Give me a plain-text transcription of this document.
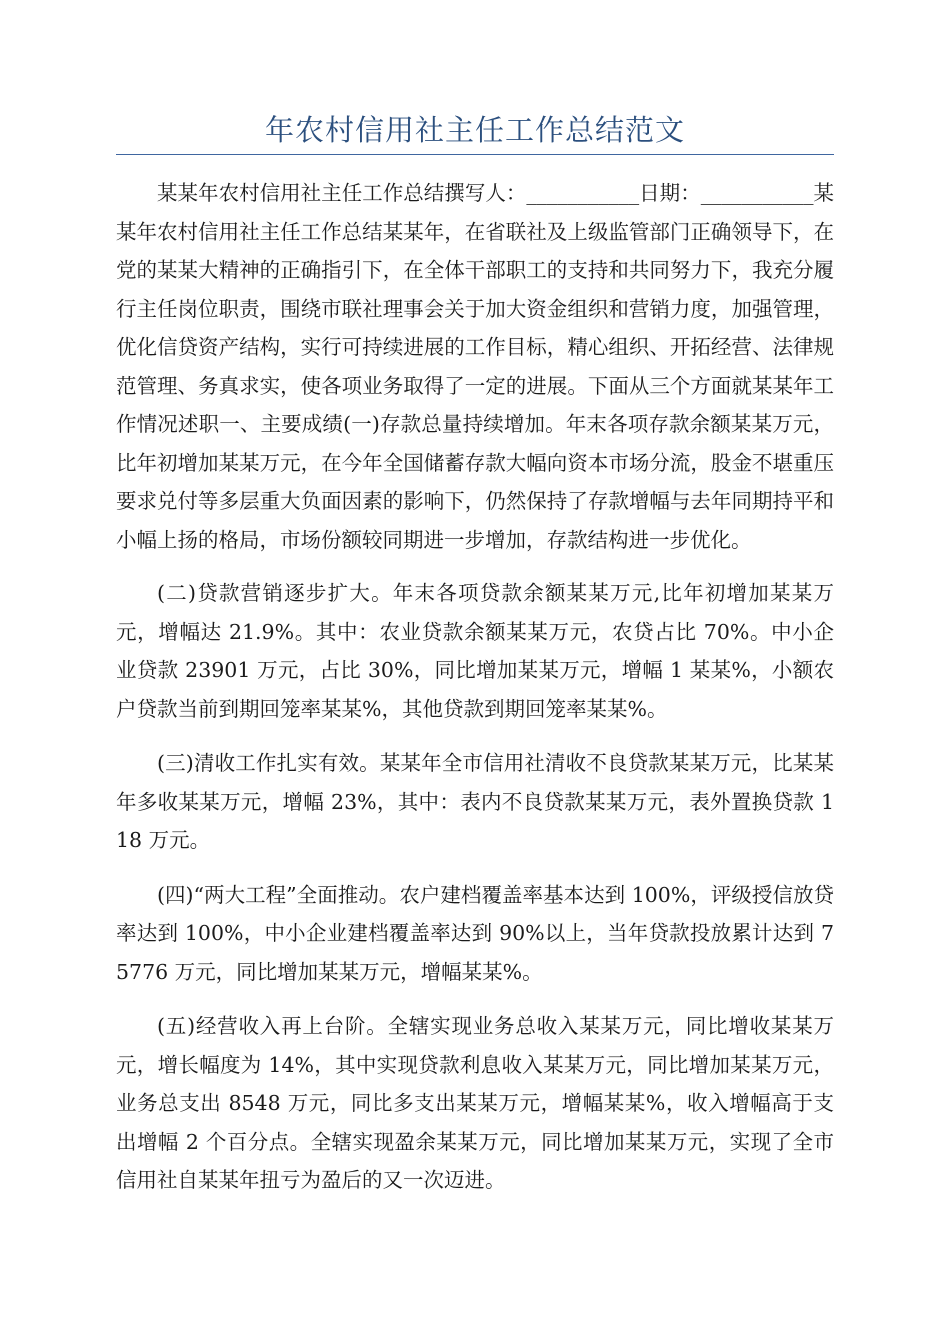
年农村信用社主任工作总结范文

某某年农村信用社主任工作总结撰写人：___________日期：___________某某年农村信用社主任工作总结某某年，在省联社及上级监管部门正确领导下，在党的某某大精神的正确指引下，在全体干部职工的支持和共同努力下，我充分履行主任岗位职责，围绕市联社理事会关于加大资金组织和营销力度，加强管理，优化信贷资产结构，实行可持续进展的工作目标，精心组织、开拓经营、法律规范管理、务真求实，使各项业务取得了一定的进展。下面从三个方面就某某年工作情况述职一、主要成绩(一)存款总量持续增加。年末各项存款余额某某万元，比年初增加某某万元，在今年全国储蓄存款大幅向资本市场分流，股金不堪重压要求兑付等多层重大负面因素的影响下，仍然保持了存款增幅与去年同期持平和小幅上扬的格局，市场份额较同期进一步增加，存款结构进一步优化。

(二)贷款营销逐步扩大。年末各项贷款余额某某万元,比年初增加某某万元，增幅达 21.9%。其中：农业贷款余额某某万元，农贷占比 70%。中小企业贷款 23901 万元，占比 30%，同比增加某某万元，增幅 1 某某%，小额农户贷款当前到期回笼率某某%，其他贷款到期回笼率某某%。

(三)清收工作扎实有效。某某年全市信用社清收不良贷款某某万元，比某某年多收某某万元，增幅 23%，其中：表内不良贷款某某万元，表外置换贷款 118 万元。

(四)“两大工程”全面推动。农户建档覆盖率基本达到 100%，评级授信放贷率达到 100%，中小企业建档覆盖率达到 90%以上，当年贷款投放累计达到 75776 万元，同比增加某某万元，增幅某某%。

(五)经营收入再上台阶。全辖实现业务总收入某某万元，同比增收某某万元，增长幅度为 14%，其中实现贷款利息收入某某万元，同比增加某某万元，业务总支出 8548 万元，同比多支出某某万元，增幅某某%，收入增幅高于支出增幅 2 个百分点。全辖实现盈余某某万元，同比增加某某万元，实现了全市信用社自某某年扭亏为盈后的又一次迈进。
